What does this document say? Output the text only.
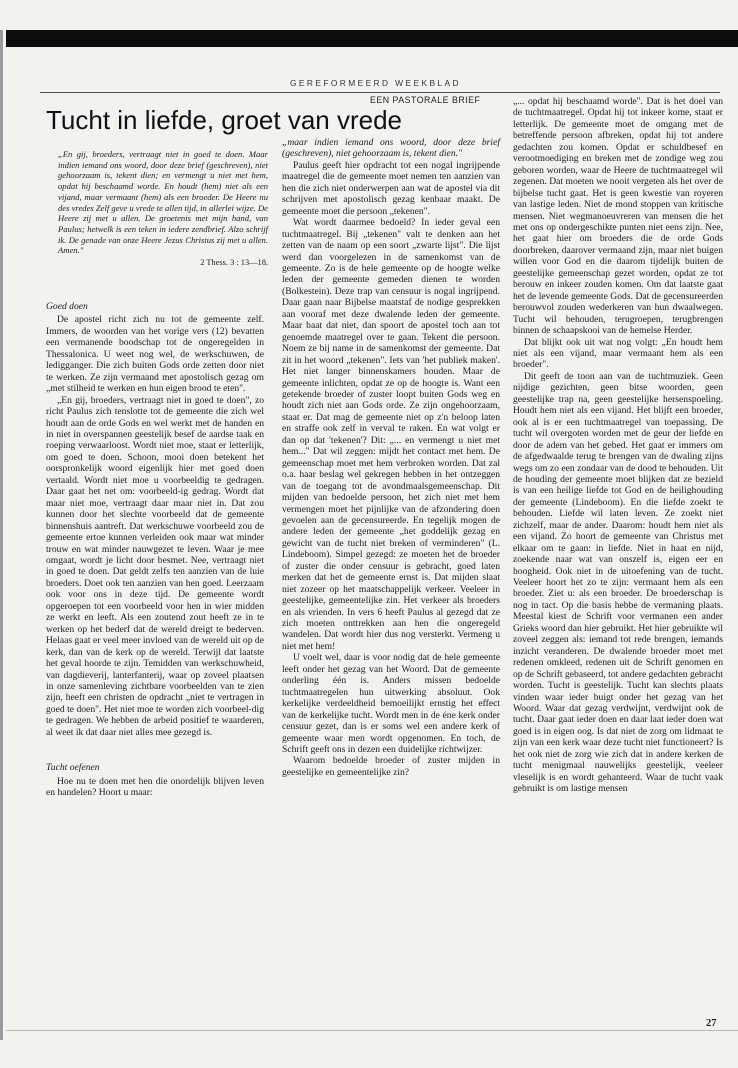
GEREFORMEERD WEEKBLAD
EEN PASTORALE BRIEF
Tucht in liefde, groet van vrede

„En gij, broeders, vertraagt niet in goed te doen. Maar indien iemand ons woord, door deze brief (geschreven), niet gehoorzaam is, tekent dien; en vermengt u niet met hem, opdat hij beschaamd worde. En houdt (hem) niet als een vijand, maar vermaant (hem) als een broeder. De Heere nu des vredes Zelf geve u vrede te allen tijd, in allerlei wijze. De Heere zij met u allen. De groetenis met mijn hand, van Paulus; hetwelk is een teken in iedere zendbrief. Alzo schrijf ik. De genade van onze Heere Jezus Christus zij met u allen. Amen."

2 Thess. 3 : 13—18.

Goed doen

De apostel richt zich nu tot de gemeente zelf. Immers, de woorden van het vorige vers (12) bevatten een vermanende boodschap tot de ongeregelden in Thessalonica. U weet nog wel, de werkschuwen, de ledigganger. Die zich buiten Gods orde zetten door niet te werken. Ze zijn vermaand met apostolisch gezag om „met stilheid te werken en hun eigen brood te eten".

„En gij, broeders, vertraagt niet in goed te doen", zo richt Paulus zich tenslotte tot de gemeente die zich wel houdt aan de orde Gods en wel werkt met de handen en in niet in overspannen geestelijk besef de aardse taak en roeping verwaarloost. Wordt niet moe, staat er letterlijk, om goed te doen. Schoon, mooi doen betekent het oorspronkelijk woord eigenlijk hier met goed doen vertaald. Wordt niet moe u voorbeeldig te gedragen. Daar gaat het net om: voorbeeld-ig gedrag. Wordt dat maar niet moe, vertraagt daar maar niet in. Dat zou kunnen door het slechte voorbeeld dat de gemeente binnenshuis aantreft. Dat werkschuwe voorbeeld zou de gemeente ertoe kunnen verleiden ook maar wat minder trouw en wat minder nauwgezet te leven. Waar je mee omgaat, wordt je licht door besmet. Nee, vertraagt niet in goed te doen. Dat geldt zelfs ten aanzien van de luie broeders. Doet ook ten aanzien van hen goed. Leerzaam ook voor ons in deze tijd. De gemeente wordt opgeroepen tot een voorbeeld voor hen in wier midden ze werkt en leeft. Als een zoutend zout heeft ze in te werken op het bederf dat de wereld dreigt te bederven. Helaas gaat er veel meer invloed van de wereld uit op de kerk, dan van de kerk op de wereld. Terwijl dat laatste het geval hoorde te zijn. Temidden van werkschuwheid, van dagdieverij, lanterfanterij, waar op zoveel plaatsen in onze samenleving zichtbare voorbeelden van te zien zijn, heeft een christen de opdracht „niet te vertragen in goed te doen". Het niet moe te worden zich voorbeel-dig te gedragen. We hebben de arbeid positief te waarderen, al weet ik dat daar niet alles mee gezegd is.

Tucht oefenen

Hoe nu te doen met hen die onordelijk blijven leven en handelen? Hoort u maar:

„maar indien iemand ons woord, door deze brief (geschreven), niet gehoorzaam is, tekent dien."

Paulus geeft hier opdracht tot een nogal ingrijpende maatregel die de gemeente moet nemen ten aanzien van hen die zich niet onderwerpen aan wat de apostel via dit schrijven met apostolisch gezag kenbaar maakt. De gemeente moet die persoon „tekenen".

Wat wordt daarmee bedoeld? In ieder geval een tuchtmaatregel. Bij „tekenen" valt te denken aan het zetten van de naam op een soort „zwarte lijst". Die lijst werd dan voorgelezen in de samenkomst van de gemeente. Zo is de hele gemeente op de hoogte welke leden der gemeente gemeden dienen te worden (Bolkestein). Deze trap van censuur is nogal ingrijpend. Daar gaan naar Bijbelse maatstaf de nodige gesprekken aan vooraf met deze dwalende leden der gemeente. Maar baat dat niet, dan spoort de apostel toch aan tot genoemde maatregel over te gaan. Tekent die persoon. Noem ze bij name in de samenkomst der gemeente. Dat zit in het woord „tekenen". Iets van 'het publiek maken'. Het niet langer binnenskamers houden. Maar de gemeente inlichten, opdat ze op de hoogte is. Want een getekende broeder of zuster loopt buiten Gods weg en houdt zich niet aan Gods orde. Ze zijn ongehoorzaam, staat er. Dat mag de gemeente niet op z'n beloop laten en straffe ook zelf in verval te raken. En wat volgt er dan op dat 'tekenen'? Dit: „... en vermengt u niet met hem..." Dat wil zeggen: mijdt het contact met hem. De gemeenschap moet met hem verbroken worden. Dat zal o.a. haar beslag wel gekregen hebben in het ontzeggen van de toegang tot de avondmaalsgemeenschap. Dit mijden van bedoelde persoon, het zich niet met hem vermengen moet het pijnlijke van de afzondering doen gevoelen aan de gecensureerde. En tegelijk mogen de andere leden der gemeente „het goddelijk gezag en gewicht van de tucht niet breken of verminderen" (L. Lindeboom). Simpel gezegd: ze moeten het de broeder of zuster die onder censuur is gebracht, goed laten merken dat het de gemeente ernst is. Dat mijden slaat niet zozeer op het maatschappelijk verkeer. Veeleer in geestelijke, gemeentelijke zin. Het verkeer als broeders en als vrienden. In vers 6 heeft Paulus al gezegd dat ze zich moeten onttrekken aan hen die ongeregeld wandelen. Dat wordt hier dus nog versterkt. Vermeng u niet met hem!

U voelt wel, daar is voor nodig dat de hele gemeente leeft onder het gezag van het Woord. Dat de gemeente onderling één is. Anders missen bedoelde tuchtmaatregelen hun uitwerking absoluut. Ook kerkelijke verdeeldheid bemoeilijkt ernstig het effect van de kerkelijke tucht. Wordt men in de éne kerk onder censuur gezet, dan is er soms wel een andere kerk of gemeente waar men wordt opgenomen. En toch, de Schrift geeft ons in dezen een duidelijke richtwijzer.

Waarom bedoelde broeder of zuster mijden in geestelijke en gemeentelijke zin?

„... opdat hij beschaamd worde". Dat is het doel van de tuchtmaatregel. Opdat hij tot inkeer kome, staat er letterlijk. De gemeente moet de omgang met de betreffende persoon afbreken, opdat hij tot andere gedachten zou komen. Opdat er schuldbesef en verootmoediging en breken met de zondige weg zou geboren worden, waar de Heere de tuchtmaatregel wil zegenen. Dat moeten we nooit vergeten als het over de bijbelse tucht gaat. Het is geen kwestie van royeren van lastige leden. Niet de mond stoppen van kritische mensen. Niet wegmanoeuvreren van mensen die het met ons op ondergeschikte punten niet eens zijn. Nee, het gaat hier om broeders die de orde Gods doorbreken, daarover vermaand zijn, maar niet buigen willen voor God en die daarom tijdelijk buiten de geestelijke gemeenschap gezet worden, opdat ze tot berouw en inkeer zouden komen. Om dat laatste gaat het de levende gemeente Gods. Dat de gecensureerden berouwvol zouden wederkeren van hun dwaalwegen. Tucht wil behouden, terugroepen, terugbrengen binnen de schaapskooi van de hemelse Herder.

Dat blijkt ook uit wat nog volgt: „En houdt hem niet als een vijand, maar vermaant hem als een broeder".

Dit geeft de toon aan van de tuchtmuziek. Geen nijdige gezichten, geen bitse woorden, geen geestelijke trap na, geen geestelijke hersenspoeling. Houdt hem niet als een vijand. Het blijft een broeder, ook al is er een tuchtmaatregel van toepassing. De tucht wil overgoten worden met de geur der liefde en door de adem van het gebed. Het gaat er immers om de afgedwaalde terug te brengen van de dwaling zijns wegs om zo een zondaar van de dood te behouden. Uit de houding der gemeente moet blijken dat ze bezield is van een heilige liefde tot God en de heilighouding der gemeente (Lindeboom). En die liefde zoekt te behouden. Liefde wil laten leven. Ze zoekt niet zichzelf, maar de ander. Daarom: houdt hem niet als een vijand. Zo hoort de gemeente van Christus met elkaar om te gaan: in liefde. Niet in haat en nijd, zoekende naar wat van onszelf is, eigen eer en hoogheid. Ook niet in de uitoefening van de tucht. Veeleer hoort het zo te zijn: vermaant hem als een broeder. Ziet u: als een broeder. De broederschap is nog in tact. Op die basis hebbe de vermaning plaats. Meestal kiest de Schrift voor vermanen een ander Grieks woord dan hier gebruikt. Het hier gebruikte wil zoveel zeggen als: iemand tot rede brengen, iemands inzicht veranderen. De dwalende broeder moet met redenen omkleed, redenen uit de Schrift genomen en op de Schrift gebaseerd, tot andere gedachten gebracht worden. Tucht is geestelijk. Tucht kan slechts plaats vinden waar ieder buigt onder het gezag van het Woord. Waar dat gezag verdwijnt, verdwijnt ook de tucht. Daar gaat ieder doen en daar laat ieder doen wat goed is in eigen oog. Is dat niet de zorg om lidmaat te zijn van een kerk waar deze tucht niet functioneert? Is het ook niet de zorg wie zich dat in andere kerken de tucht menigmaal nauwelijks geestelijk, veeleer vleselijk is en wordt gehanteerd. Waar de tucht vaak gebruikt is om lastige mensen

27
